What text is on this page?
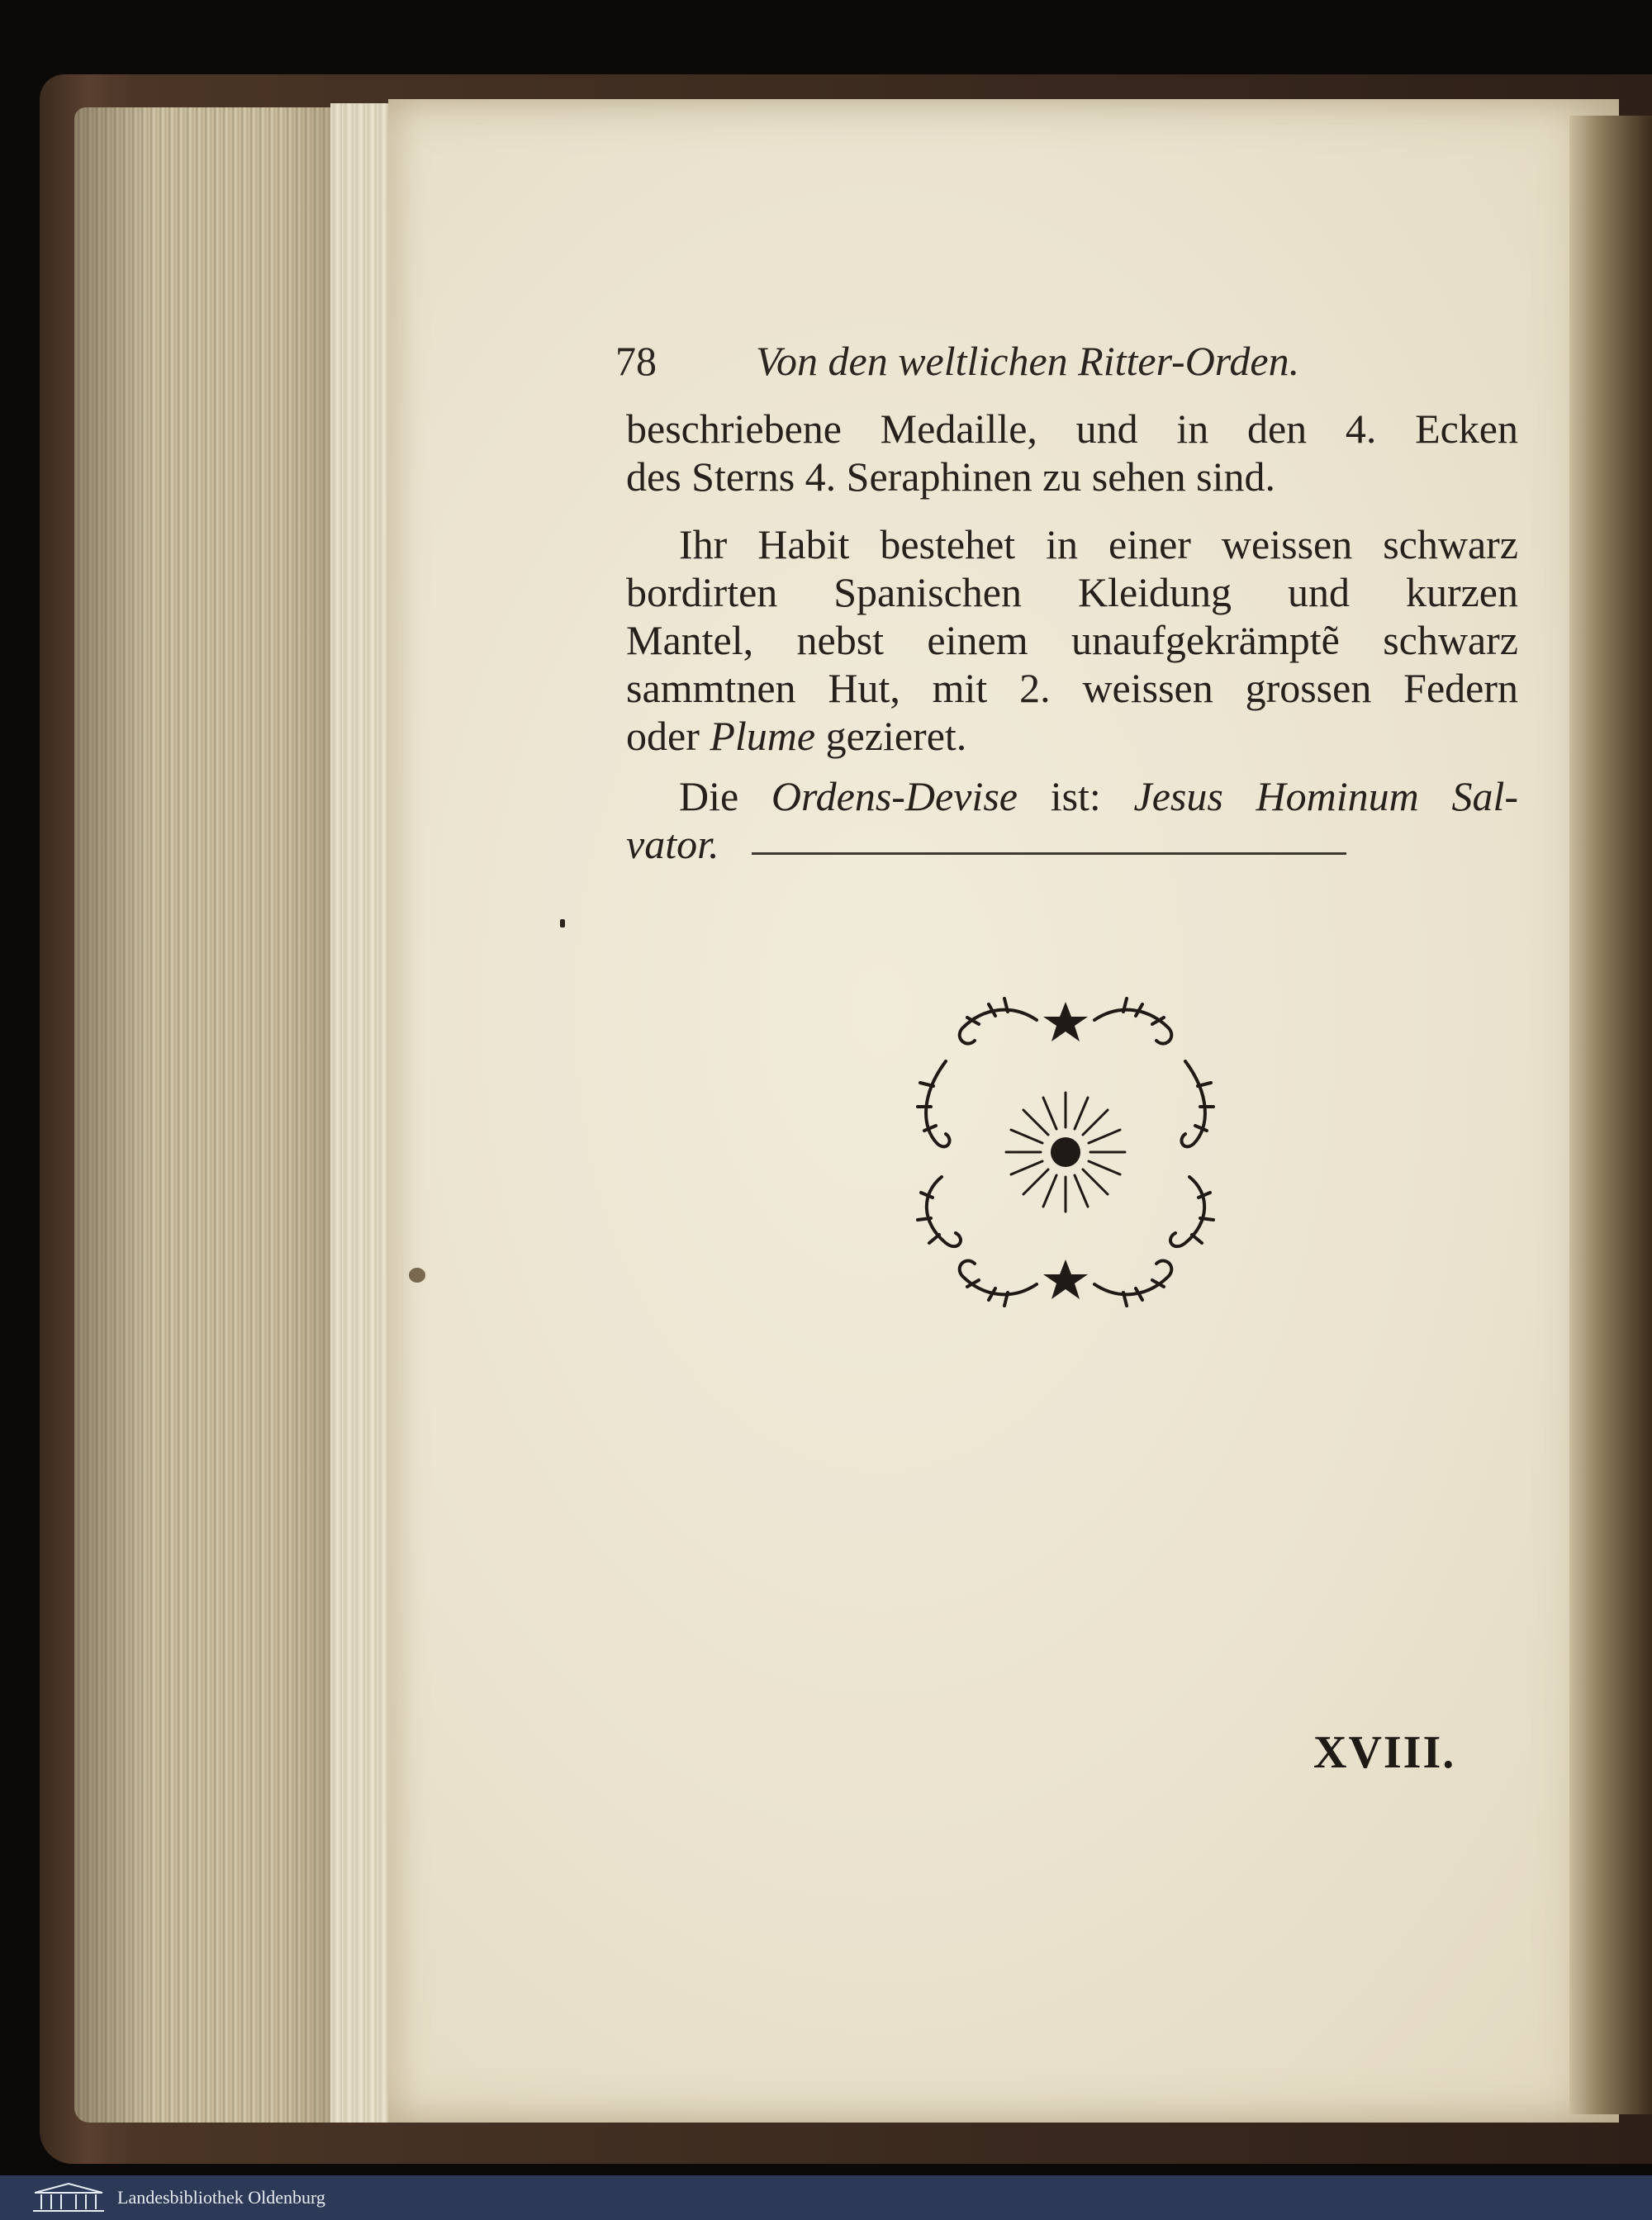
78 Von den weltlichen Ritter-Orden.
beschriebene Medaille, und in den 4. Ecken
des Sterns 4. Seraphinen zu sehen sind.
Ihr Habit bestehet in einer weissen schwarz
bordirten Spanischen Kleidung und kurzen
Mantel, nebst einem unaufgekrämptẽ schwarz
sammtnen Hut, mit 2. weissen grossen Federn
oder Plume gezieret.
Die Ordens-Devise ist: Jesus Hominum Sal-
vator.
XVIII.
Landesbibliothek Oldenburg
